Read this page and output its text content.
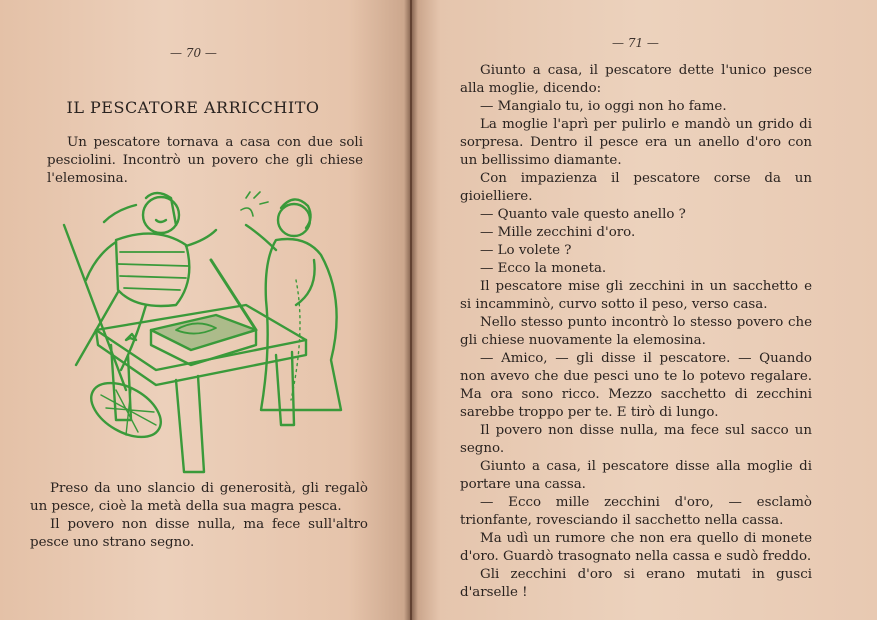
— 70 —
— 71 —
IL PESCATORE ARRICCHITO

Un pescatore tornava a casa con due soli pesciolini. Incontrò un povero che gli chiese l'elemosina.

Preso da uno slancio di generosità, gli regalò un pesce, cioè la metà della sua magra pesca.

Il povero non disse nulla, ma fece sull'altro pesce uno strano segno.

Giunto a casa, il pescatore dette l'unico pesce alla moglie, dicendo:

— Mangialo tu, io oggi non ho fame.

La moglie l'aprì per pulirlo e mandò un grido di sorpresa. Dentro il pesce era un anello d'oro con un bellissimo diamante.

Con impazienza il pescatore corse da un gioielliere.

— Quanto vale questo anello ?

— Mille zecchini d'oro.

— Lo volete ?

— Ecco la moneta.

Il pescatore mise gli zecchini in un sacchetto e si incamminò, curvo sotto il peso, verso casa.

Nello stesso punto incontrò lo stesso povero che gli chiese nuovamente la elemosina.

— Amico, — gli disse il pescatore. — Quando non avevo che due pesci uno te lo potevo regalare. Ma ora sono ricco. Mezzo sacchetto di zecchini sarebbe troppo per te. E tirò di lungo.

Il povero non disse nulla, ma fece sul sacco un segno.

Giunto a casa, il pescatore disse alla moglie di portare una cassa.

— Ecco mille zecchini d'oro, — esclamò trionfante, rovesciando il sacchetto nella cassa.

Ma udì un rumore che non era quello di monete d'oro. Guardò trasognato nella cassa e sudò freddo.

Gli zecchini d'oro si erano mutati in gusci d'arselle !
